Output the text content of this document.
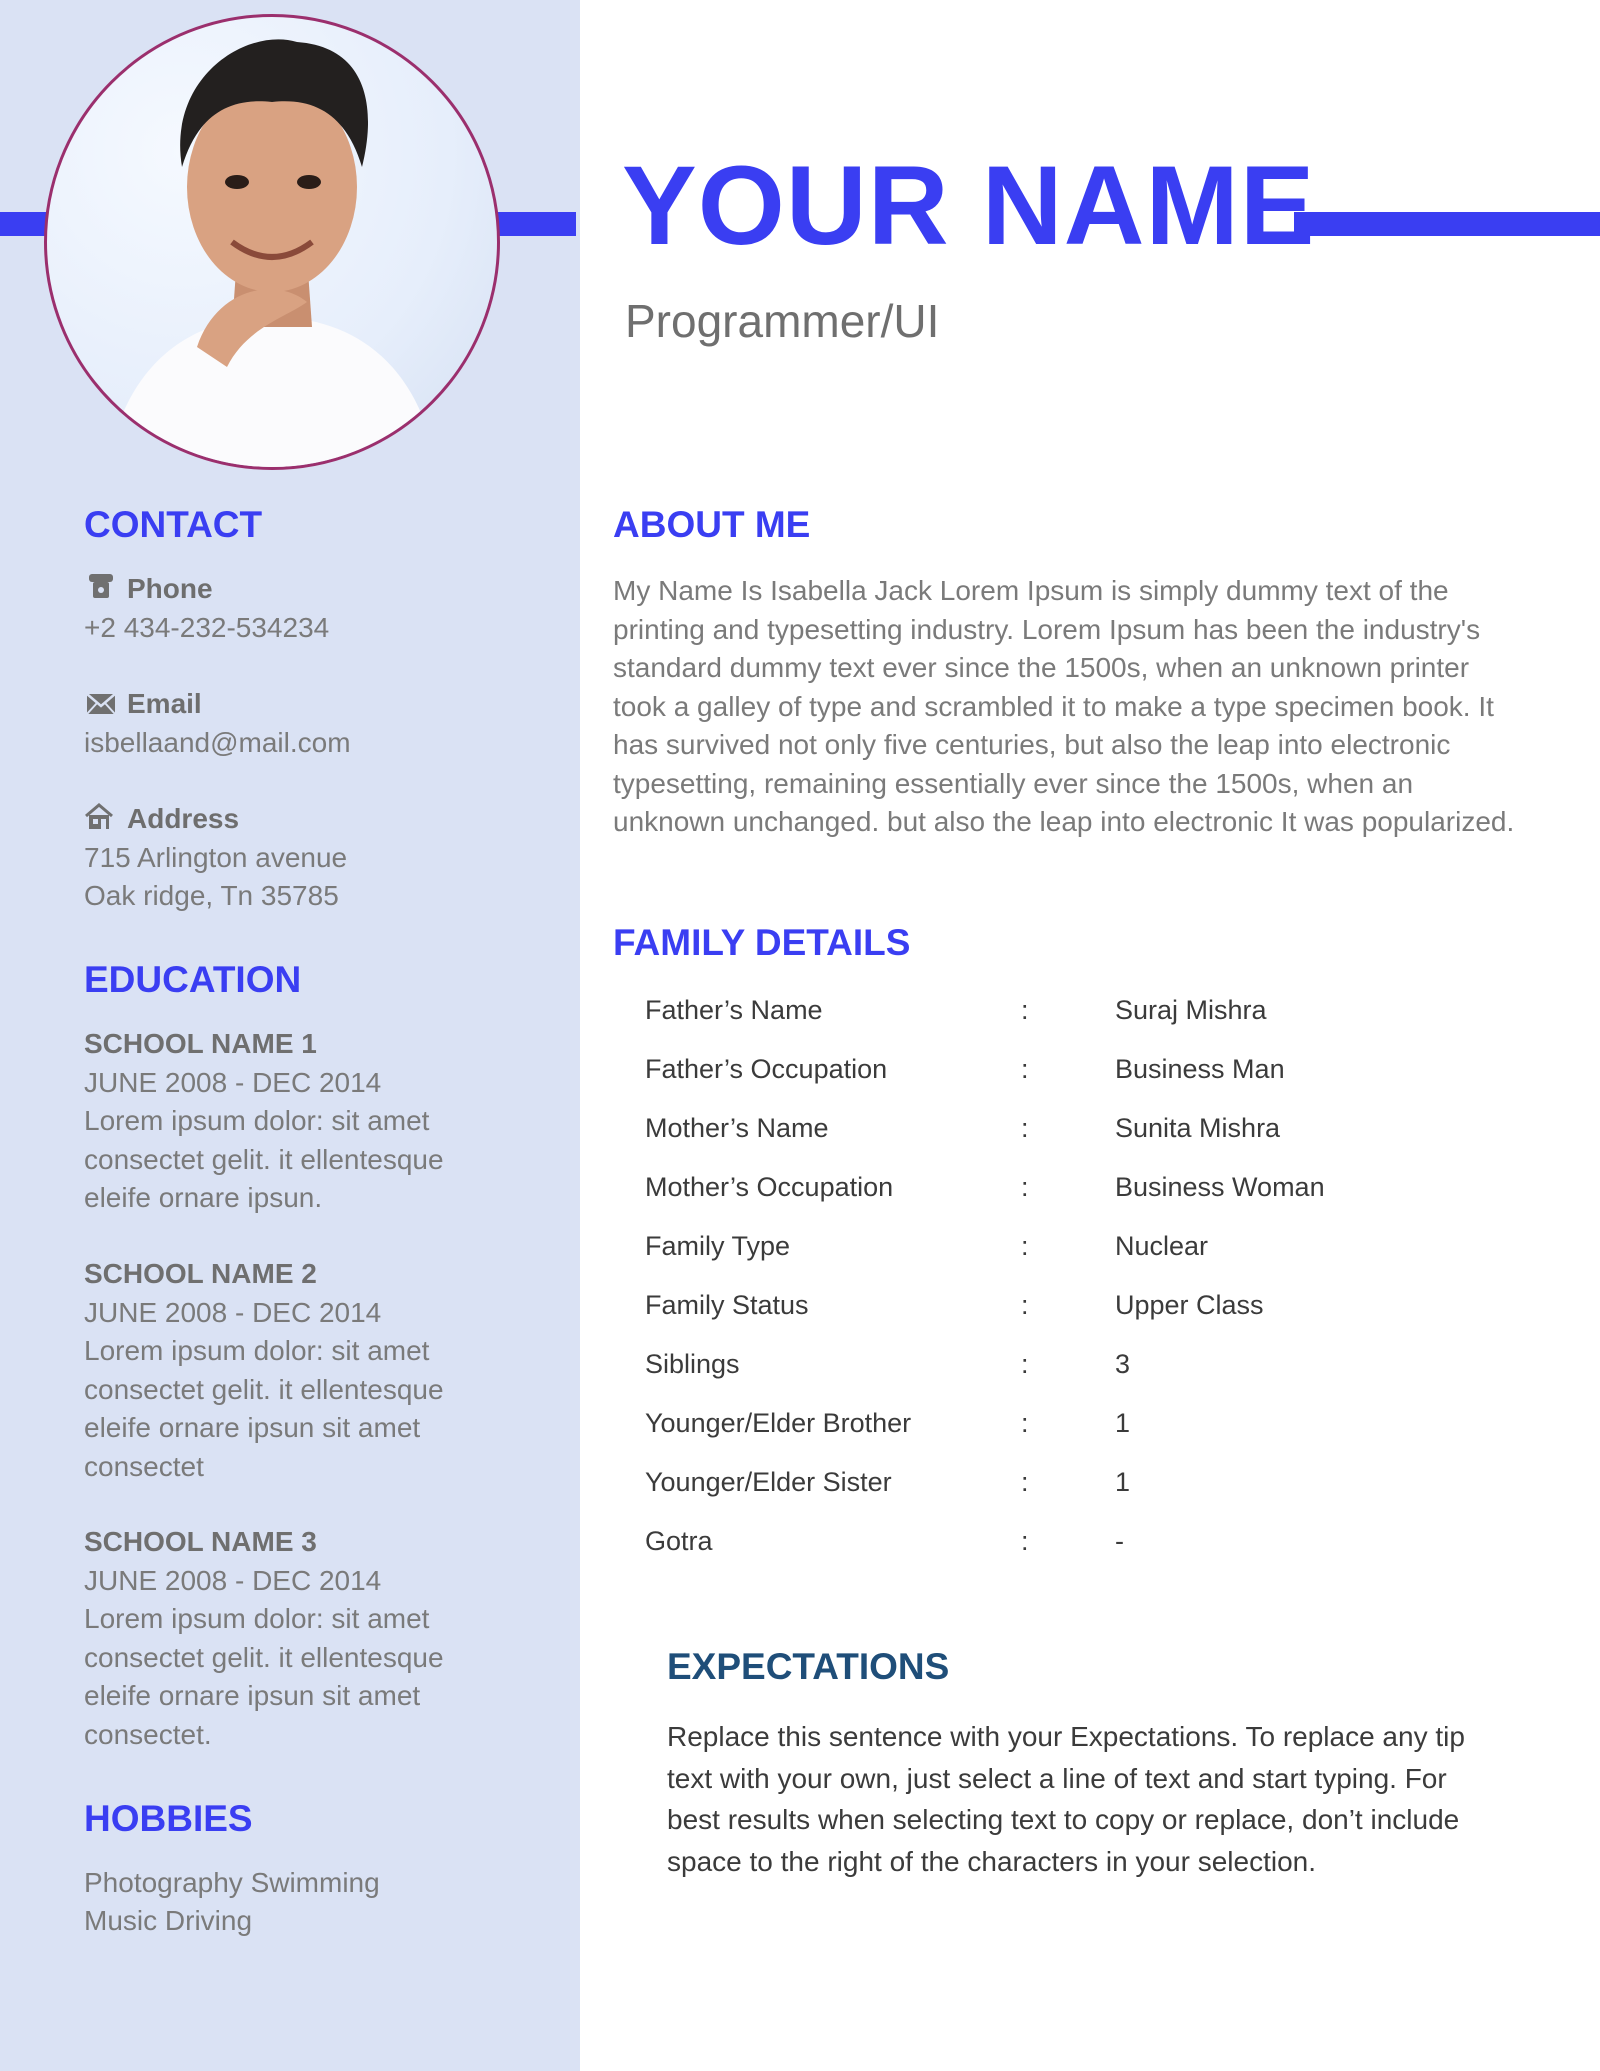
YOUR NAME
Programmer/UI
CONTACT
Phone
+2 434-232-534234
Email
isbellaand@mail.com
Address
715 Arlington avenue
Oak ridge, Tn 35785
EDUCATION
SCHOOL NAME 1
JUNE 2008 - DEC 2014
Lorem ipsum dolor: sit amet consectet gelit. it ellentesque eleife ornare ipsun.
SCHOOL NAME 2
JUNE 2008 - DEC 2014
Lorem ipsum dolor: sit amet consectet gelit. it ellentesque eleife ornare ipsun sit amet consectet
SCHOOL NAME 3
JUNE 2008 - DEC 2014
Lorem ipsum dolor: sit amet consectet gelit. it ellentesque eleife ornare ipsun sit amet consectet.
HOBBIES
Photography Swimming
Music Driving
ABOUT ME
My Name Is Isabella Jack Lorem Ipsum is simply dummy text of the printing and typesetting industry. Lorem Ipsum has been the industry's standard dummy text ever since the 1500s, when an unknown printer took a galley of type and scrambled it to make a type specimen book. It has survived not only five centuries, but also the leap into electronic typesetting, remaining essentially ever since the 1500s, when an unknown unchanged. but also the leap into electronic It was popularized.
FAMILY DETAILS
Father’s Name	:	Suraj Mishra
Father’s Occupation	:	Business Man
Mother’s Name	:	Sunita Mishra
Mother’s Occupation	:	Business Woman
Family Type	:	Nuclear
Family Status	:	Upper Class
Siblings	:	3
Younger/Elder Brother	:	1
Younger/Elder Sister	:	1
Gotra	:	-
EXPECTATIONS
Replace this sentence with your Expectations. To replace any tip text with your own, just select a line of text and start typing. For best results when selecting text to copy or replace, don’t include space to the right of the characters in your selection.
